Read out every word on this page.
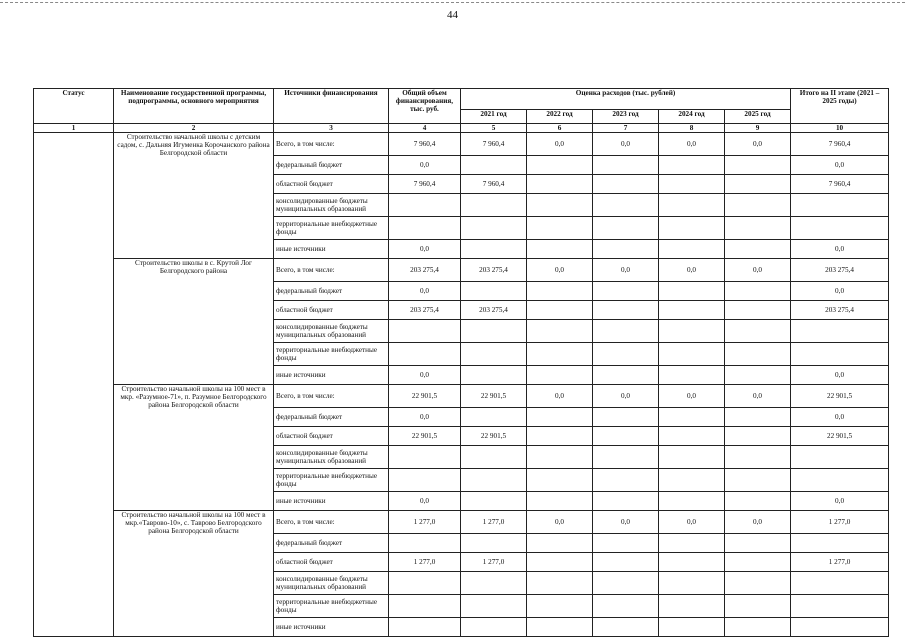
44
Статус	Наименование государственной программы, подпрограммы, основного мероприятия	Источники финансирования	Общий объем финансирования, тыс. руб.	Оценка расходов (тыс. рублей)					Итого на II этапе (2021 – 2025 годы)
				2021 год	2022 год	2023 год	2024 год	2025 год	
1	2	3	4	5	6	7	8	9	10
	Строительство начальной школы с детским садом, с. Дальняя Игуменка Корочанского района Белгородской области	Всего, в том числе:	7 960,4	7 960,4	0,0	0,0	0,0	0,0	7 960,4
		федеральный бюджет	0,0						0,0
		областной бюджет	7 960,4	7 960,4					7 960,4
		консолидированные бюджеты муниципальных образований							
		территориальные внебюджетные фонды							
		иные источники	0,0						0,0
	Строительство школы в с. Крутой Лог Белгородского района	Всего, в том числе:	203 275,4	203 275,4	0,0	0,0	0,0	0,0	203 275,4
		федеральный бюджет	0,0						0,0
		областной бюджет	203 275,4	203 275,4					203 275,4
		консолидированные бюджеты муниципальных образований							
		территориальные внебюджетные фонды							
		иные источники	0,0						0,0
	Строительство начальной школы на 100 мест в мкр. «Разумное-71», п. Разумное Белгородского района Белгородской области	Всего, в том числе:	22 901,5	22 901,5	0,0	0,0	0,0	0,0	22 901,5
		федеральный бюджет	0,0						0,0
		областной бюджет	22 901,5	22 901,5					22 901,5
		консолидированные бюджеты муниципальных образований							
		территориальные внебюджетные фонды							
		иные источники	0,0						0,0
	Строительство начальной школы на 100 мест в мкр.«Таврово-10», с. Таврово Белгородского района Белгородской области	Всего, в том числе:	1 277,0	1 277,0	0,0	0,0	0,0	0,0	1 277,0
		федеральный бюджет							
		областной бюджет	1 277,0	1 277,0					1 277,0
		консолидированные бюджеты муниципальных образований							
		территориальные внебюджетные фонды							
		иные источники							
